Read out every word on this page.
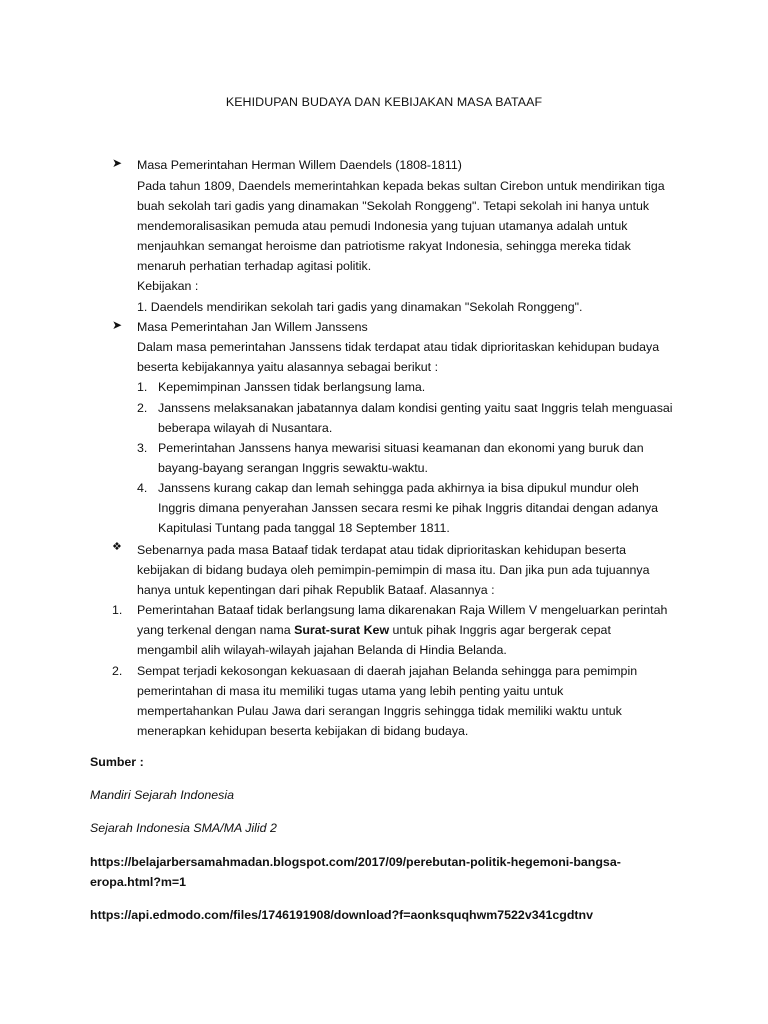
KEHIDUPAN BUDAYA DAN KEBIJAKAN MASA BATAAF
➤	Masa Pemerintahan Herman Willem Daendels (1808-1811)
Pada tahun 1809, Daendels memerintahkan kepada bekas sultan Cirebon untuk mendirikan tiga
buah sekolah tari gadis yang dinamakan "Sekolah Ronggeng". Tetapi sekolah ini hanya untuk
mendemoralisasikan pemuda atau pemudi Indonesia yang tujuan utamanya adalah untuk
menjauhkan semangat heroisme dan patriotisme rakyat Indonesia, sehingga mereka tidak
menaruh perhatian terhadap agitasi politik.
Kebijakan :
1. Daendels mendirikan sekolah tari gadis yang dinamakan "Sekolah Ronggeng".
➤	Masa Pemerintahan Jan Willem Janssens
Dalam masa pemerintahan Janssens tidak terdapat atau tidak diprioritaskan kehidupan budaya
beserta kebijakannya yaitu alasannya sebagai berikut :
1. Kepemimpinan Janssen tidak berlangsung lama.
2. Janssens melaksanakan jabatannya dalam kondisi genting yaitu saat Inggris telah menguasai
beberapa wilayah di Nusantara.
3. Pemerintahan Janssens hanya mewarisi situasi keamanan dan ekonomi yang buruk dan
bayang-bayang serangan Inggris sewaktu-waktu.
4. Janssens kurang cakap dan lemah sehingga pada akhirnya ia bisa dipukul mundur oleh
Inggris dimana penyerahan Janssen secara resmi ke pihak Inggris ditandai dengan adanya
Kapitulasi Tuntang pada tanggal 18 September 1811.
❖	Sebenarnya pada masa Bataaf tidak terdapat atau tidak diprioritaskan kehidupan beserta
kebijakan di bidang budaya oleh pemimpin-pemimpin di masa itu. Dan jika pun ada tujuannya
hanya untuk kepentingan dari pihak Republik Bataaf. Alasannya :
1. Pemerintahan Bataaf tidak berlangsung lama dikarenakan Raja Willem V mengeluarkan perintah
yang terkenal dengan nama Surat-surat Kew untuk pihak Inggris agar bergerak cepat
mengambil alih wilayah-wilayah jajahan Belanda di Hindia Belanda.
2. Sempat terjadi kekosongan kekuasaan di daerah jajahan Belanda sehingga para pemimpin
pemerintahan di masa itu memiliki tugas utama yang lebih penting yaitu untuk
mempertahankan Pulau Jawa dari serangan Inggris sehingga tidak memiliki waktu untuk
menerapkan kehidupan beserta kebijakan di bidang budaya.
Sumber :
Mandiri Sejarah Indonesia
Sejarah Indonesia SMA/MA Jilid 2
https://belajarbersamahmadan.blogspot.com/2017/09/perebutan-politik-hegemoni-bangsa-
eropa.html?m=1
https://api.edmodo.com/files/1746191908/download?f=aonksquqhwm7522v341cgdtnv
